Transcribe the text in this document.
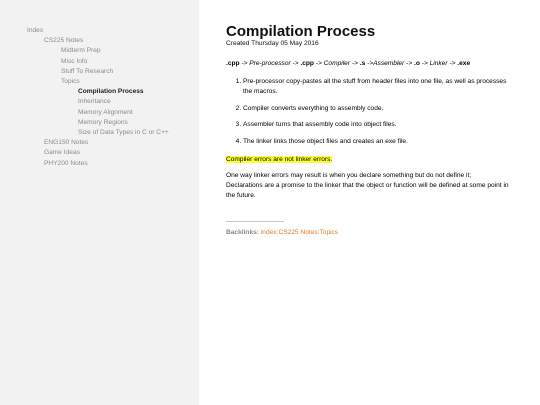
Index
CS225 Notes
Midterm Prep
Misc Info
Stuff To Research
Topics
Compilation Process
Inheritance
Memory Alignment
Memory Regions
Size of Data Types in C or C++
ENG150 Notes
Game Ideas
PHY200 Notes
Compilation Process
Created Thursday 05 May 2016

.cpp -> Pre-processor -> .cpp -> Compiler -> .s ->Assembler -> .o -> Linker -> .exe

1. Pre-processor copy-pastes all the stuff from header files into one file, as well as processes the macros.
2. Compiler converts everything to assembly code.
3. Assembler turns that assembly code into object files.
4. The linker links those object files and creates an exe file.

Compiler errors are not linker errors.

One way linker errors may result is when you declare something but do not define it;
Declarations are a promise to the linker that the object or function will be defined at some point in the future.

Backlinks: index:CS225 Notes:Topics
